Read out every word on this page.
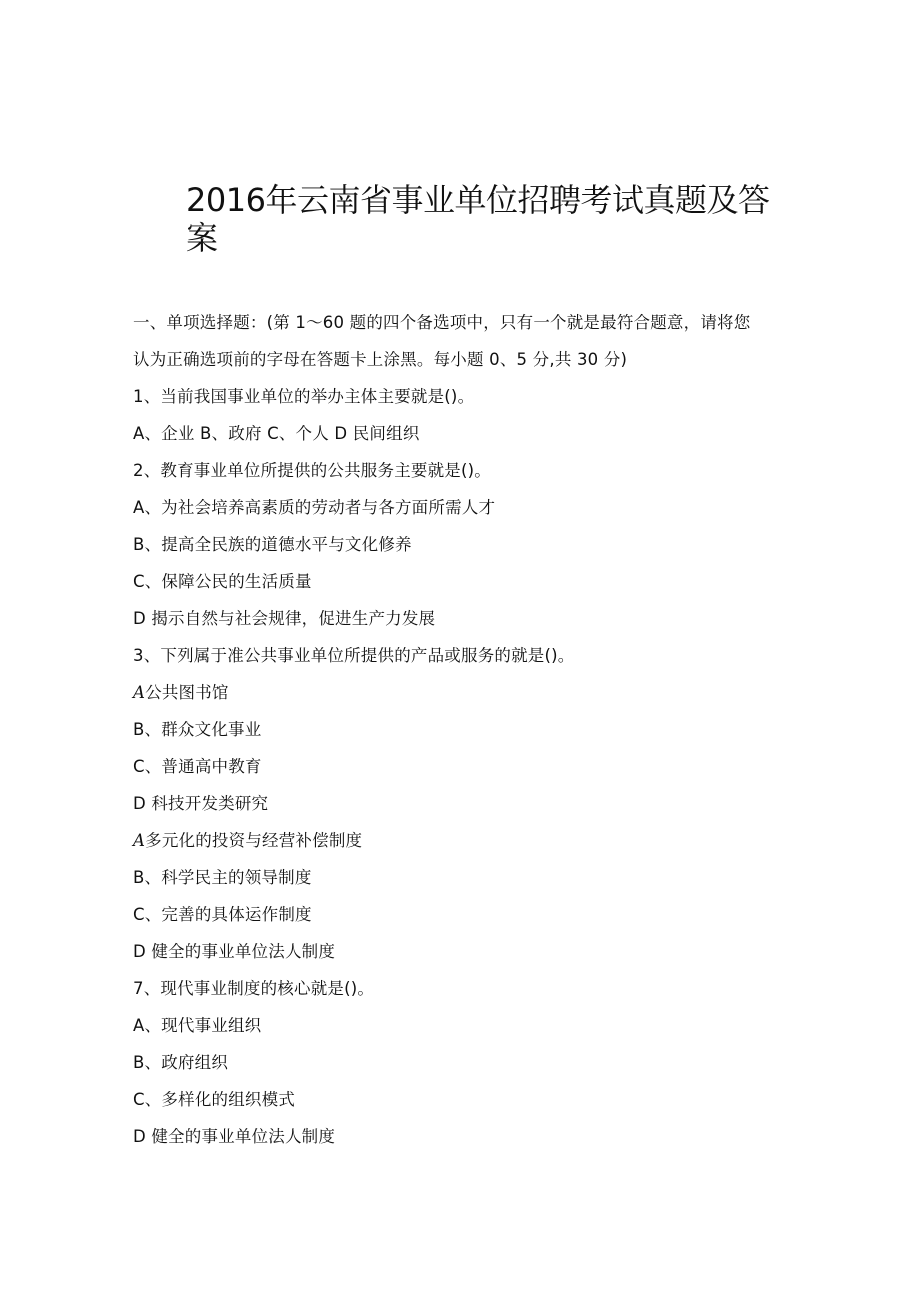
2016年云南省事业单位招聘考试真题及答
案
一、单项选择题：(第 1～60 题的四个备选项中，只有一个就是最符合题意，请将您
认为正确选项前的字母在答题卡上涂黑。每小题 0、5 分,共 30 分)
1、当前我国事业单位的举办主体主要就是()。
A、企业 B、政府 C、个人 D 民间组织
2、教育事业单位所提供的公共服务主要就是()。
A、为社会培养高素质的劳动者与各方面所需人才
B、提高全民族的道德水平与文化修养
C、保障公民的生活质量
D 揭示自然与社会规律，促进生产力发展
3、下列属于准公共事业单位所提供的产品或服务的就是()。
A公共图书馆
B、群众文化事业
C、普通高中教育
D 科技开发类研究
A多元化的投资与经营补偿制度
B、科学民主的领导制度
C、完善的具体运作制度
D 健全的事业单位法人制度
7、现代事业制度的核心就是()。
A、现代事业组织
B、政府组织
C、多样化的组织模式
D 健全的事业单位法人制度
